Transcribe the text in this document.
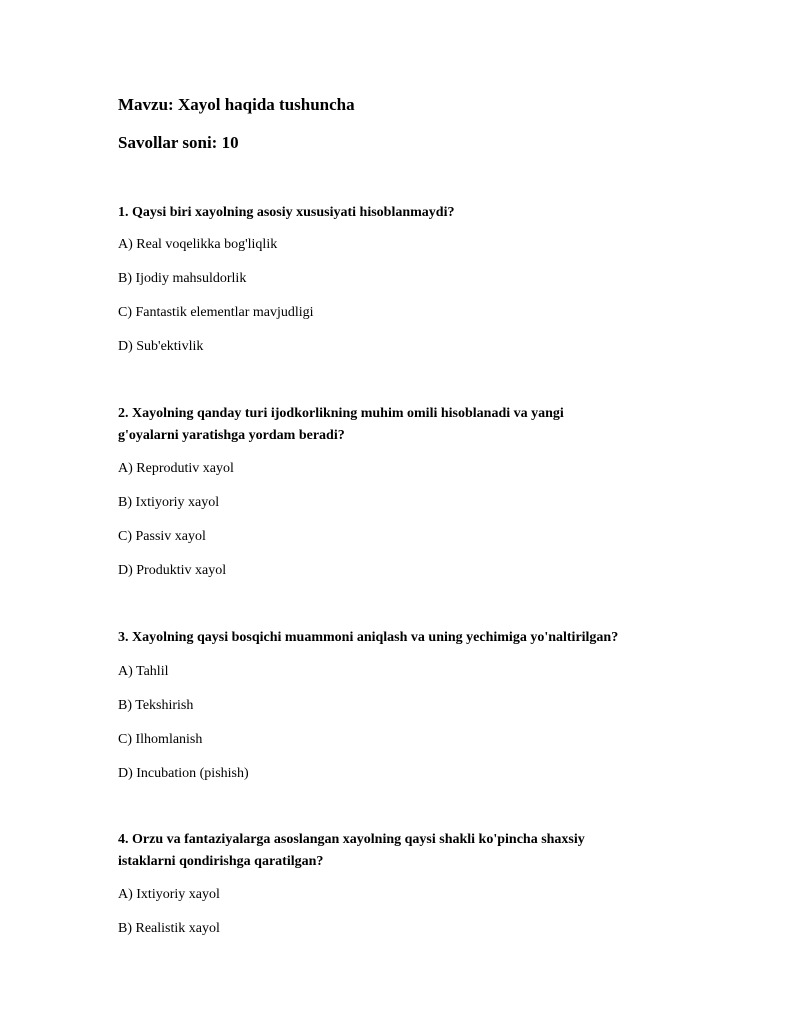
Mavzu: Xayol haqida tushuncha
Savollar soni: 10

1. Qaysi biri xayolning asosiy xususiyati hisoblanmaydi?

A) Real voqelikka bog'liqlik

B) Ijodiy mahsuldorlik

C) Fantastik elementlar mavjudligi

D) Sub'ektivlik

2. Xayolning qanday turi ijodkorlikning muhim omili hisoblanadi va yangi

g'oyalarni yaratishga yordam beradi?

A) Reprodutiv xayol

B) Ixtiyoriy xayol

C) Passiv xayol

D) Produktiv xayol

3. Xayolning qaysi bosqichi muammoni aniqlash va uning yechimiga yo'naltirilgan?

A) Tahlil

B) Tekshirish

C) Ilhomlanish

D) Incubation (pishish)

4. Orzu va fantaziyalarga asoslangan xayolning qaysi shakli ko'pincha shaxsiy

istaklarni qondirishga qaratilgan?

A) Ixtiyoriy xayol

B) Realistik xayol
